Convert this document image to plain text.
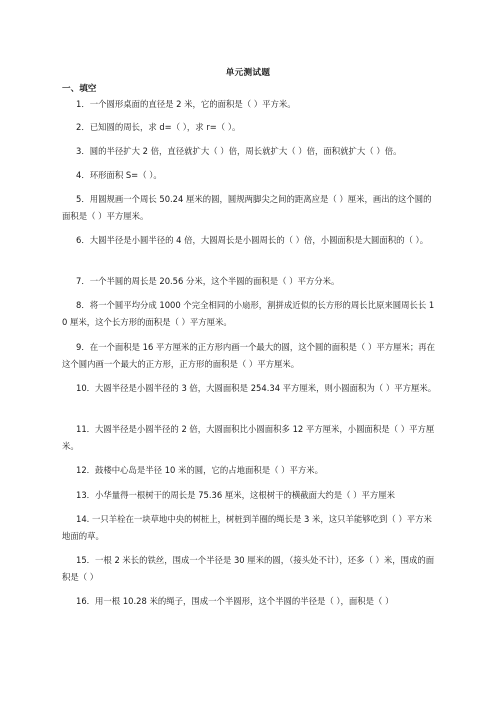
单元测试题
一、填空
1．一个圆形桌面的直径是 2 米，它的面积是（ ）平方米。
2．已知圆的周长，求 d=（ ），求 r=（ ）。
3．圆的半径扩大 2 倍，直径就扩大（ ）倍，周长就扩大（ ）倍，面积就扩大（ ）倍。
4．环形面积 S=（ ）。
5．用圆规画一个周长 50.24 厘米的圆，圆规两脚尖之间的距离应是（ ）厘米，画出的这个圆的面积是（ ）平方厘米。
6．大圆半径是小圆半径的 4 倍，大圆周长是小圆周长的（ ）倍，小圆面积是大圆面积的（ ）。
7．一个半圆的周长是 20.56 分米，这个半圆的面积是（ ）平方分米。
8．将一个圆平均分成 1000 个完全相同的小扇形，割拼成近似的长方形的周长比原来圆周长长 10 厘米，这个长方形的面积是（ ）平方厘米。
9．在一个面积是 16 平方厘米的正方形内画一个最大的圆，这个圆的面积是（ ）平方厘米；再在这个圆内画一个最大的正方形，正方形的面积是（ ）平方厘米。
10．大圆半径是小圆半径的 3 倍，大圆面积是 254.34 平方厘米，则小圆面积为（ ）平方厘米。
11．大圆半径是小圆半径的 2 倍，大圆面积比小圆面积多 12 平方厘米，小圆面积是（ ）平方厘米。
12．鼓楼中心岛是半径 10 米的圆，它的占地面积是（ ）平方米。
13．小华量得一根树干的周长是 75.36 厘米，这根树干的横截面大约是（ ）平方厘米
14. 一只羊栓在一块草地中央的树桩上，树桩到羊圈的绳长是 3 米，这只羊能够吃到（ ）平方米地面的草。
15．一根 2 米长的铁丝，围成一个半径是 30 厘米的圆，（接头处不计），还多（ ）米，围成的面积是（ ）
16．用一根 10.28 米的绳子，围成一个半圆形，这个半圆的半径是（ ），面积是（ ）
